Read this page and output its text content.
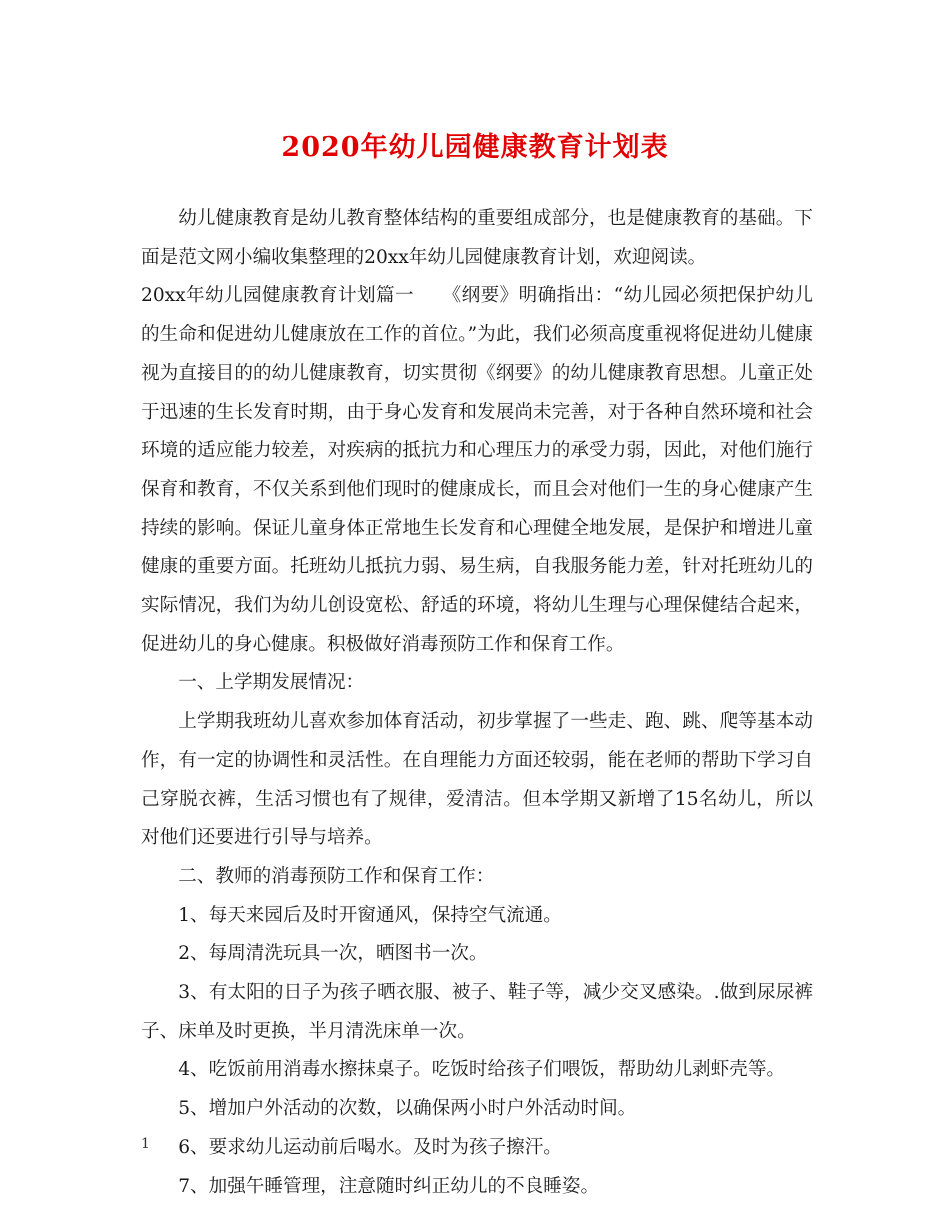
2020年幼儿园健康教育计划表

幼儿健康教育是幼儿教育整体结构的重要组成部分，也是健康教育的基础。下面是范文网小编收集整理的20xx年幼儿园健康教育计划，欢迎阅读。

20xx年幼儿园健康教育计划篇一　　《纲要》明确指出：“幼儿园必须把保护幼儿的生命和促进幼儿健康放在工作的首位。”为此，我们必须高度重视将促进幼儿健康视为直接目的的幼儿健康教育，切实贯彻《纲要》的幼儿健康教育思想。儿童正处于迅速的生长发育时期，由于身心发育和发展尚未完善，对于各种自然环境和社会环境的适应能力较差，对疾病的抵抗力和心理压力的承受力弱，因此，对他们施行保育和教育，不仅关系到他们现时的健康成长，而且会对他们一生的身心健康产生持续的影响。保证儿童身体正常地生长发育和心理健全地发展，是保护和增进儿童健康的重要方面。托班幼儿抵抗力弱、易生病，自我服务能力差，针对托班幼儿的实际情况，我们为幼儿创设宽松、舒适的环境，将幼儿生理与心理保健结合起来，促进幼儿的身心健康。积极做好消毒预防工作和保育工作。

一、上学期发展情况：

上学期我班幼儿喜欢参加体育活动，初步掌握了一些走、跑、跳、爬等基本动作，有一定的协调性和灵活性。在自理能力方面还较弱，能在老师的帮助下学习自己穿脱衣裤，生活习惯也有了规律，爱清洁。但本学期又新增了15名幼儿，所以对他们还要进行引导与培养。

二、教师的消毒预防工作和保育工作：

1、每天来园后及时开窗通风，保持空气流通。

2、每周清洗玩具一次，晒图书一次。

3、有太阳的日子为孩子晒衣服、被子、鞋子等，减少交叉感染。.做到尿尿裤子、床单及时更换，半月清洗床单一次。

4、吃饭前用消毒水擦抹桌子。吃饭时给孩子们喂饭，帮助幼儿剥虾壳等。

5、增加户外活动的次数，以确保两小时户外活动时间。

6、要求幼儿运动前后喝水。及时为孩子擦汗。

7、加强午睡管理，注意随时纠正幼儿的不良睡姿。

1
